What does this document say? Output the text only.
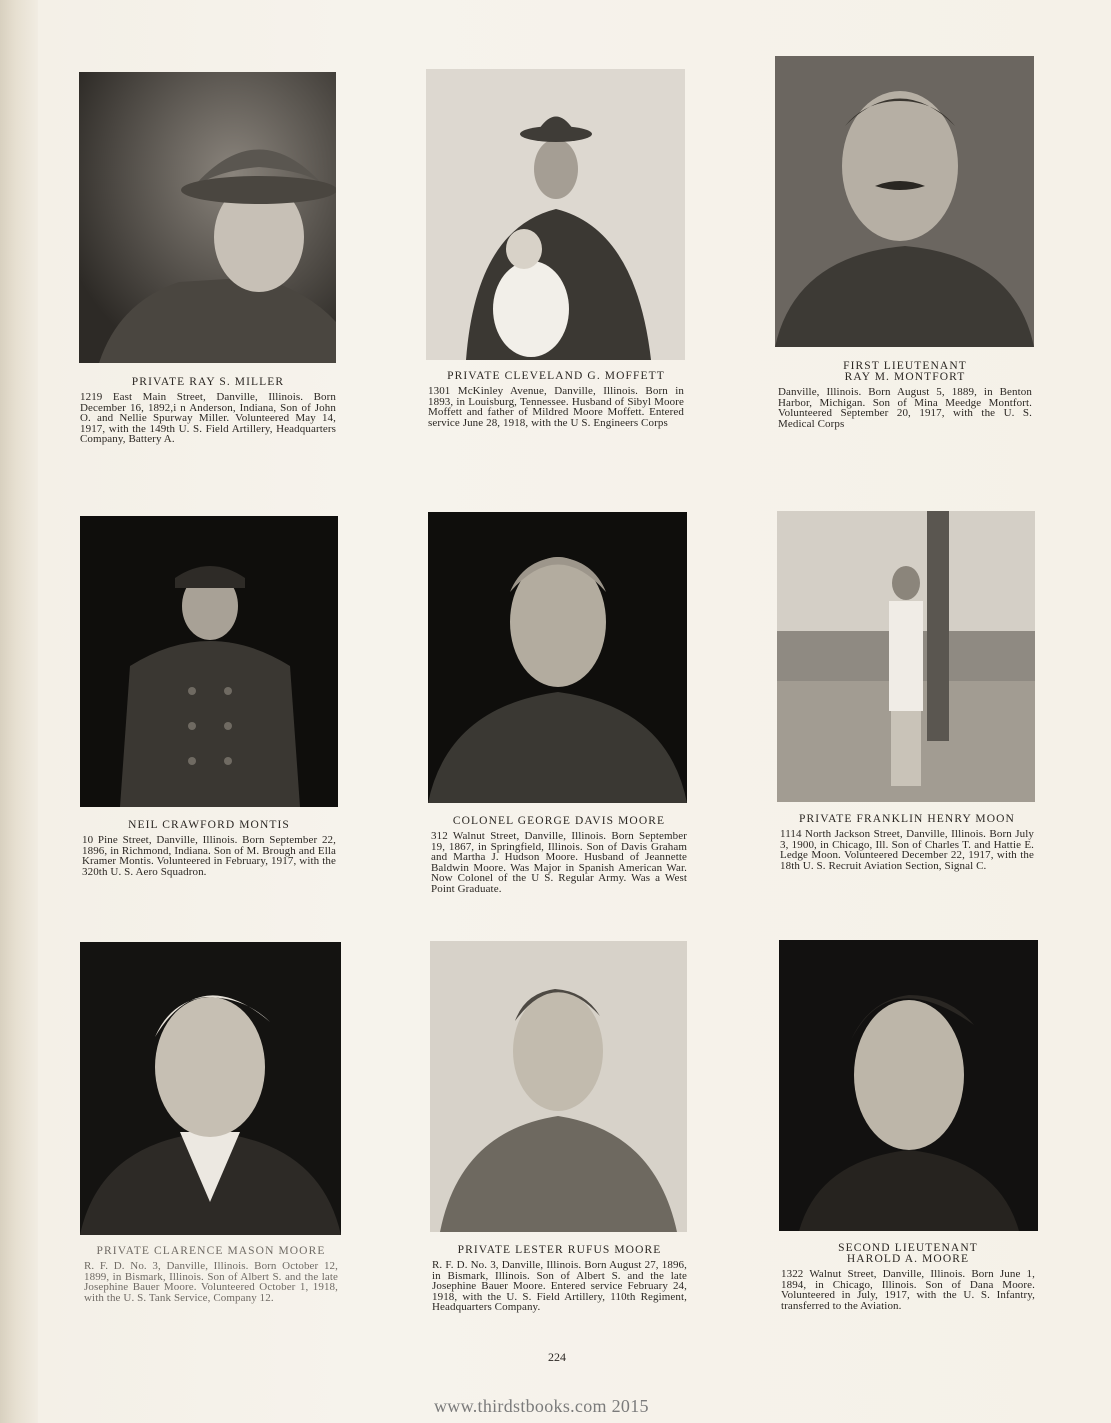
PRIVATE RAY S. MILLER
1219 East Main Street, Danville, Illinois. Born December 16, 1892,i n Anderson, Indiana, Son of John O. and Nellie Spurway Miller. Volunteered May 14, 1917, with the 149th U. S. Field Artillery, Headquarters Company, Battery A.
PRIVATE CLEVELAND G. MOFFETT
1301 McKinley Avenue, Danville, Illinois. Born in 1893, in Louisburg, Tennessee. Husband of Sibyl Moore Moffett and father of Mildred Moore Moffett. Entered service June 28, 1918, with the U S. Engineers Corps
FIRST LIEUTENANT
RAY M. MONTFORT
Danville, Illinois. Born August 5, 1889, in Benton Harbor, Michigan. Son of Mina Meedge Montfort. Volunteered September 20, 1917, with the U. S. Medical Corps
NEIL CRAWFORD MONTIS
10 Pine Street, Danville, Illinois. Born September 22, 1896, in Richmond, Indiana. Son of M. Brough and Ella Kramer Montis. Volunteered in February, 1917, with the 320th U. S. Aero Squadron.
COLONEL GEORGE DAVIS MOORE
312 Walnut Street, Danville, Illinois. Born September 19, 1867, in Springfield, Illinois. Son of Davis Graham and Martha J. Hudson Moore. Husband of Jeannette Baldwin Moore. Was Major in Spanish American War. Now Colonel of the U S. Regular Army. Was a West Point Graduate.
PRIVATE FRANKLIN HENRY MOON
1114 North Jackson Street, Danville, Illinois. Born July 3, 1900, in Chicago, Ill. Son of Charles T. and Hattie E. Ledge Moon. Volunteered December 22, 1917, with the 18th U. S. Recruit Aviation Section, Signal C.
PRIVATE CLARENCE MASON MOORE
R. F. D. No. 3, Danville, Illinois. Born October 12, 1899, in Bismark, Illinois. Son of Albert S. and the late Josephine Bauer Moore. Volunteered October 1, 1918, with the U. S. Tank Service, Company 12.
PRIVATE LESTER RUFUS MOORE
R. F. D. No. 3, Danville, Illinois. Born August 27, 1896, in Bismark, Illinois. Son of Albert S. and the late Josephine Bauer Moore. Entered service February 24, 1918, with the U. S. Field Artillery, 110th Regiment, Headquarters Company.
SECOND LIEUTENANT
HAROLD A. MOORE
1322 Walnut Street, Danville, Illinois. Born June 1, 1894, in Chicago, Illinois. Son of Dana Moore. Volunteered in July, 1917, with the U. S. Infantry, transferred to the Aviation.
224
www.thirdstbooks.com 2015
